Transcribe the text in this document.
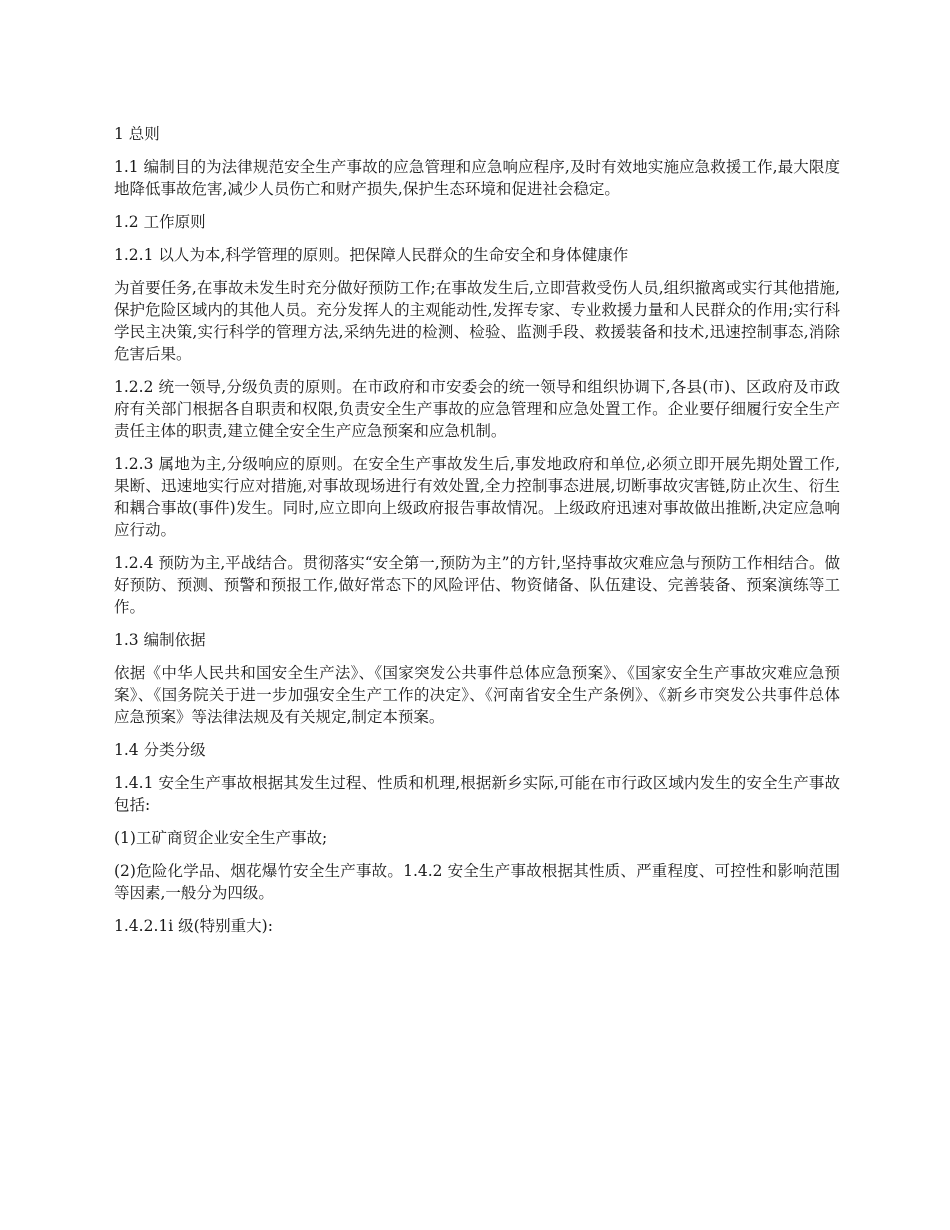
1 总则

1.1 编制目的为法律规范安全生产事故的应急管理和应急响应程序,及时有效地实施应急救援工作,最大限度地降低事故危害,减少人员伤亡和财产损失,保护生态环境和促进社会稳定。

1.2 工作原则

1.2.1 以人为本,科学管理的原则。把保障人民群众的生命安全和身体健康作

为首要任务,在事故未发生时充分做好预防工作;在事故发生后,立即营救受伤人员,组织撤离或实行其他措施,保护危险区域内的其他人员。充分发挥人的主观能动性,发挥专家、专业救援力量和人民群众的作用;实行科学民主决策,实行科学的管理方法,采纳先进的检测、检验、监测手段、救援装备和技术,迅速控制事态,消除危害后果。

1.2.2 统一领导,分级负责的原则。在市政府和市安委会的统一领导和组织协调下,各县(市)、区政府及市政府有关部门根据各自职责和权限,负责安全生产事故的应急管理和应急处置工作。企业要仔细履行安全生产责任主体的职责,建立健全安全生产应急预案和应急机制。

1.2.3 属地为主,分级响应的原则。在安全生产事故发生后,事发地政府和单位,必须立即开展先期处置工作,果断、迅速地实行应对措施,对事故现场进行有效处置,全力控制事态进展,切断事故灾害链,防止次生、衍生和耦合事故(事件)发生。同时,应立即向上级政府报告事故情况。上级政府迅速对事故做出推断,决定应急响应行动。

1.2.4 预防为主,平战结合。贯彻落实“安全第一,预防为主”的方针,坚持事故灾难应急与预防工作相结合。做好预防、预测、预警和预报工作,做好常态下的风险评估、物资储备、队伍建设、完善装备、预案演练等工作。

1.3 编制依据

依据《中华人民共和国安全生产法》、《国家突发公共事件总体应急预案》、《国家安全生产事故灾难应急预案》、《国务院关于进一步加强安全生产工作的决定》、《河南省安全生产条例》、《新乡市突发公共事件总体应急预案》等法律法规及有关规定,制定本预案。

1.4 分类分级

1.4.1 安全生产事故根据其发生过程、性质和机理,根据新乡实际,可能在市行政区域内发生的安全生产事故包括:

(1)工矿商贸企业安全生产事故;

(2)危险化学品、烟花爆竹安全生产事故。1.4.2 安全生产事故根据其性质、严重程度、可控性和影响范围等因素,一般分为四级。

1.4.2.1i 级(特别重大):
